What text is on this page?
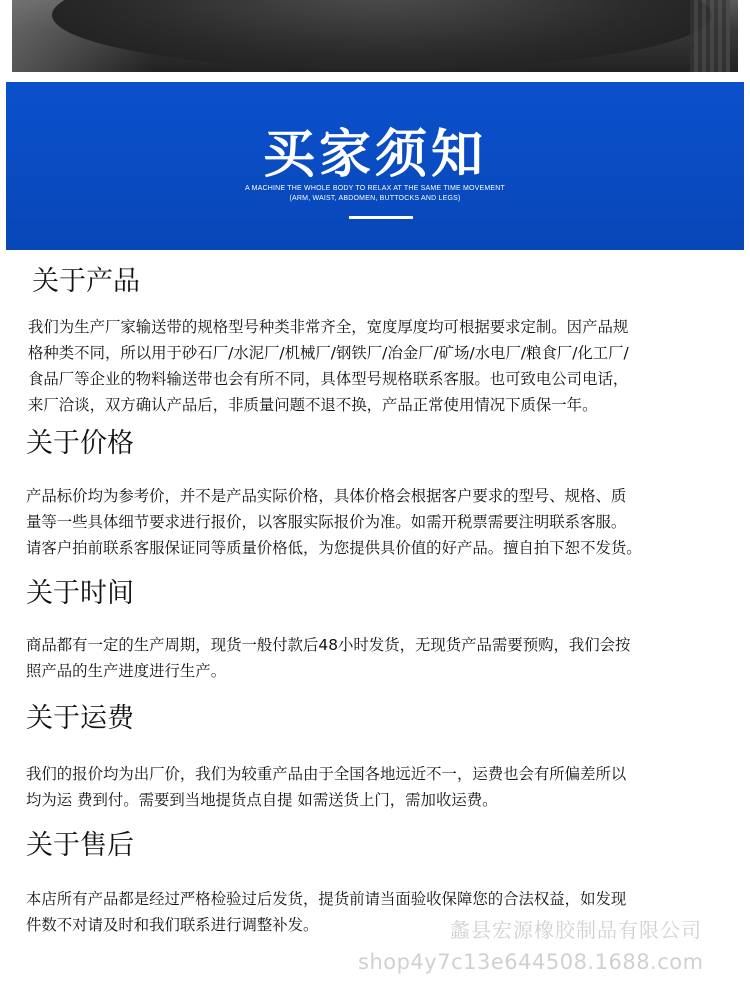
买家须知
A MACHINE THE WHOLE BODY TO RELAX AT THE SAME TIME MOVEMENT
(ARM, WAIST, ABDOMEN, BUTTOCKS AND LEGS)
关于产品

我们为生产厂家输送带的规格型号种类非常齐全，宽度厚度均可根据要求定制。因产品规
格种类不同，所以用于砂石厂/水泥厂/机械厂/钢铁厂/冶金厂/矿场/水电厂/粮食厂/化工厂/
食品厂等企业的物料输送带也会有所不同，具体型号规格联系客服。也可致电公司电话，
来厂洽谈，双方确认产品后，非质量问题不退不换，产品正常使用情况下质保一年。

关于价格

产品标价均为参考价，并不是产品实际价格，具体价格会根据客户要求的型号、规格、质
量等一些具体细节要求进行报价，以客服实际报价为准。如需开税票需要注明联系客服。
请客户拍前联系客服保证同等质量价格低，为您提供具价值的好产品。擅自拍下恕不发货。

关于时间

商品都有一定的生产周期，现货一般付款后48小时发货，无现货产品需要预购，我们会按
照产品的生产进度进行生产。

关于运费

我们的报价均为出厂价，我们为较重产品由于全国各地远近不一，运费也会有所偏差所以
均为运 费到付。需要到当地提货点自提 如需送货上门，需加收运费。

关于售后

本店所有产品都是经过严格检验过后发货，提货前请当面验收保障您的合法权益，如发现
件数不对请及时和我们联系进行调整补发。	蠡县宏源橡胶制品有限公司
shop4y7c13e644508.1688.com
